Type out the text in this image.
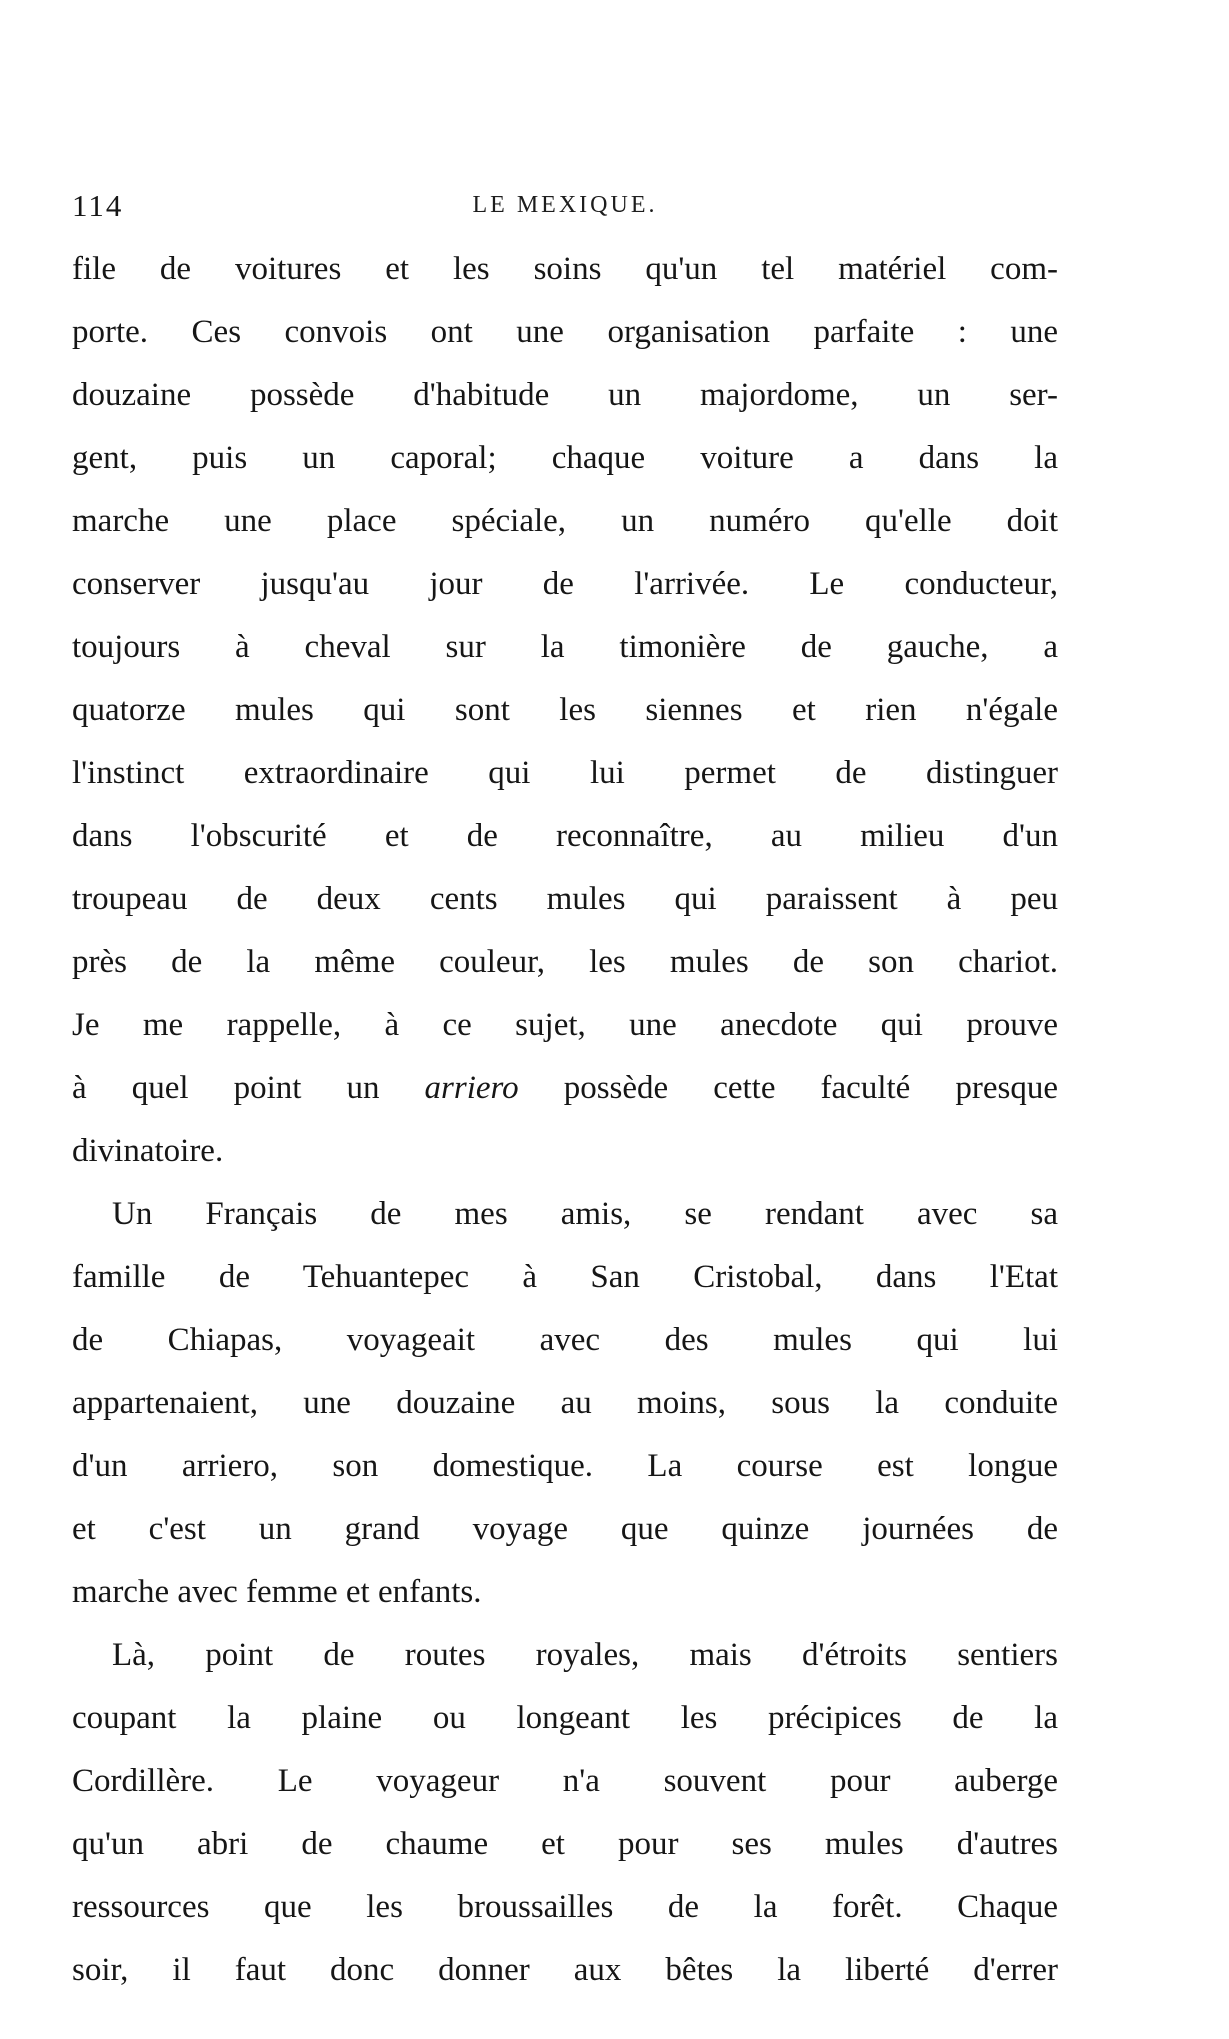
114	LE MEXIQUE.
file de voitures et les soins qu'un tel matériel com-
porte. Ces convois ont une organisation parfaite : une
douzaine possède d'habitude un majordome, un ser-
gent, puis un caporal; chaque voiture a dans la
marche une place spéciale, un numéro qu'elle doit
conserver jusqu'au jour de l'arrivée. Le conducteur,
toujours à cheval sur la timonière de gauche, a
quatorze mules qui sont les siennes et rien n'égale
l'instinct extraordinaire qui lui permet de distinguer
dans l'obscurité et de reconnaître, au milieu d'un
troupeau de deux cents mules qui paraissent à peu
près de la même couleur, les mules de son chariot.
Je me rappelle, à ce sujet, une anecdote qui prouve
à quel point un arriero possède cette faculté presque
divinatoire.
Un Français de mes amis, se rendant avec sa
famille de Tehuantepec à San Cristobal, dans l'Etat
de Chiapas, voyageait avec des mules qui lui
appartenaient, une douzaine au moins, sous la conduite
d'un arriero, son domestique. La course est longue
et c'est un grand voyage que quinze journées de
marche avec femme et enfants.
Là, point de routes royales, mais d'étroits sentiers
coupant la plaine ou longeant les précipices de la
Cordillère. Le voyageur n'a souvent pour auberge
qu'un abri de chaume et pour ses mules d'autres
ressources que les broussailles de la forêt. Chaque
soir, il faut donc donner aux bêtes la liberté d'errer
